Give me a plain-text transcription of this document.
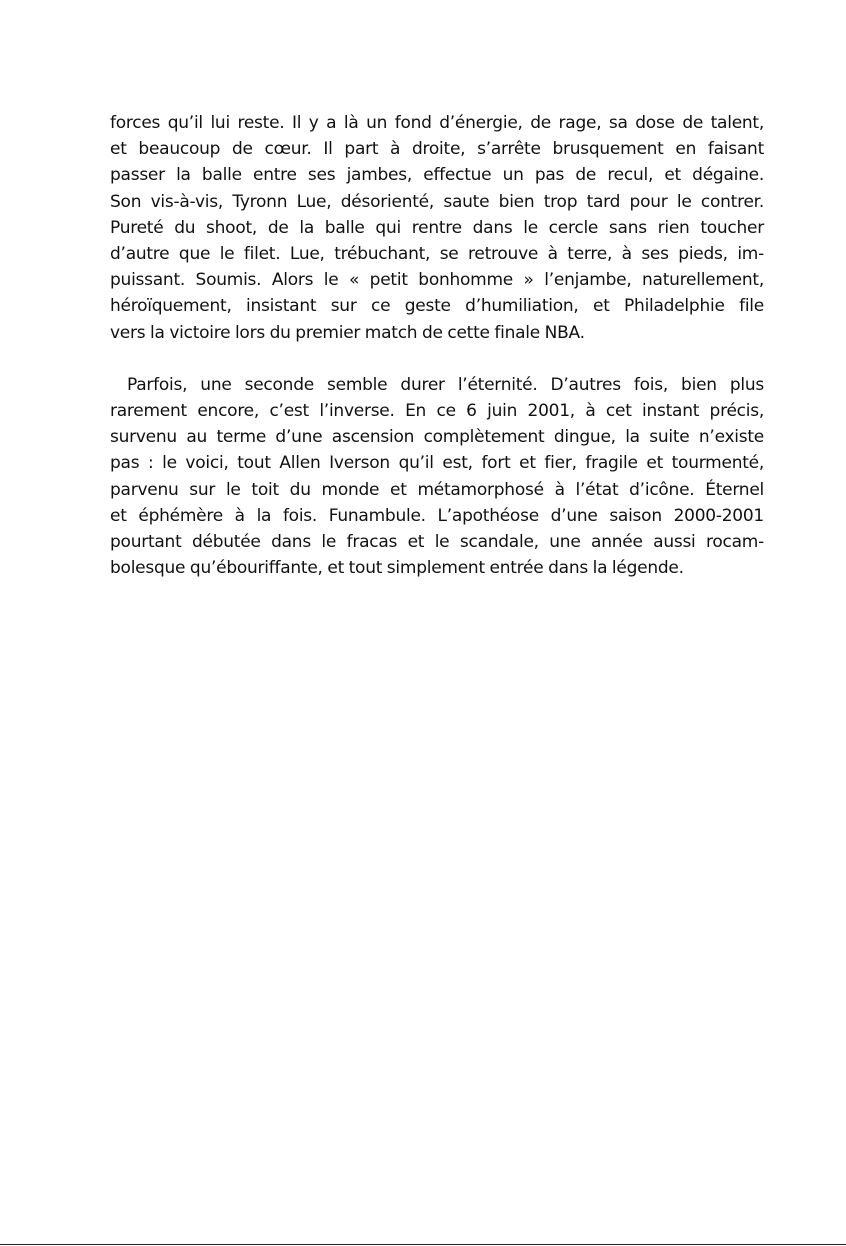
forces qu’il lui reste. Il y a là un fond d’énergie, de rage, sa dose de talent,
et beaucoup de cœur. Il part à droite, s’arrête brusquement en faisant
passer la balle entre ses jambes, effectue un pas de recul, et dégaine.
Son vis-à-vis, Tyronn Lue, désorienté, saute bien trop tard pour le contrer.
Pureté du shoot, de la balle qui rentre dans le cercle sans rien toucher
d’autre que le filet. Lue, trébuchant, se retrouve à terre, à ses pieds, im-
puissant. Soumis. Alors le « petit bonhomme » l’enjambe, naturellement,
héroïquement, insistant sur ce geste d’humiliation, et Philadelphie file
vers la victoire lors du premier match de cette finale NBA.

Parfois, une seconde semble durer l’éternité. D’autres fois, bien plus
rarement encore, c’est l’inverse. En ce 6 juin 2001, à cet instant précis,
survenu au terme d’une ascension complètement dingue, la suite n’existe
pas : le voici, tout Allen Iverson qu’il est, fort et fier, fragile et tourmenté,
parvenu sur le toit du monde et métamorphosé à l’état d’icône. Éternel
et éphémère à la fois. Funambule. L’apothéose d’une saison 2000-2001
pourtant débutée dans le fracas et le scandale, une année aussi rocam-
bolesque qu’ébouriffante, et tout simplement entrée dans la légende.
